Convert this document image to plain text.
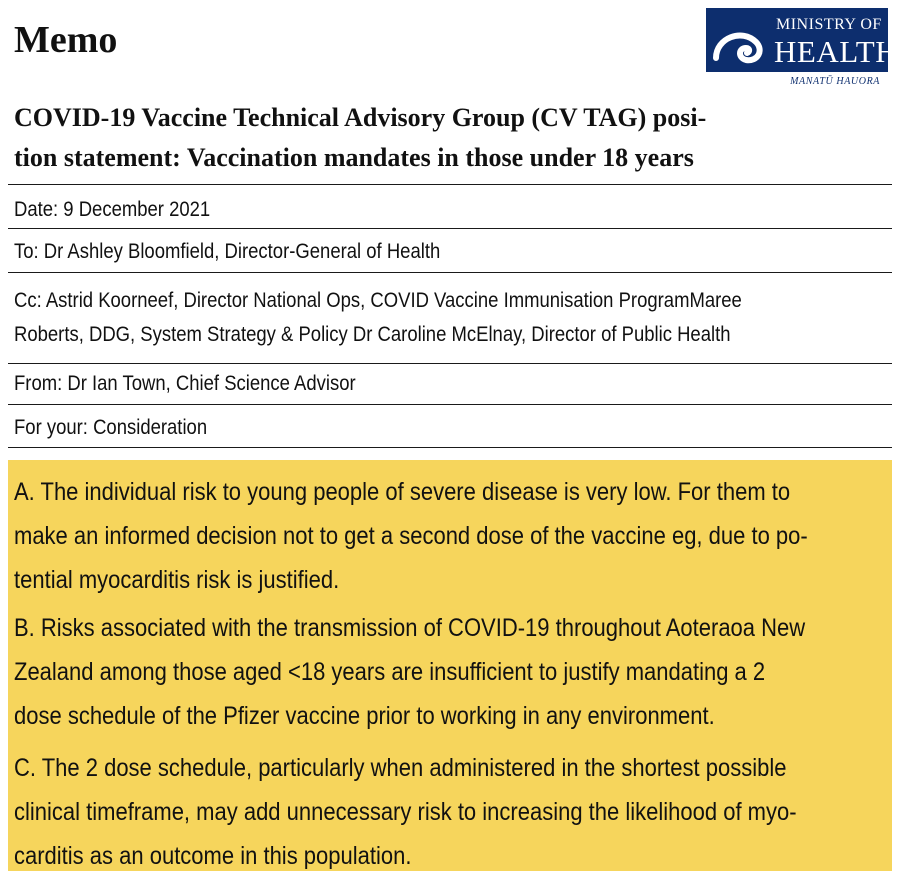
Memo	MINISTRY OF
HEALTH
MANATŪ HAUORA
COVID-19 Vaccine Technical Advisory Group (CV TAG) posi-
tion statement: Vaccination mandates in those under 18 years
Date: 9 December 2021
To: Dr Ashley Bloomfield, Director-General of Health
Cc: Astrid Koorneef, Director National Ops, COVID Vaccine Immunisation ProgramMaree
Roberts, DDG, System Strategy & Policy Dr Caroline McElnay, Director of Public Health
From: Dr Ian Town, Chief Science Advisor
For your: Consideration
A. The individual risk to young people of severe disease is very low. For them to
make an informed decision not to get a second dose of the vaccine eg, due to po-
tential myocarditis risk is justified.
B. Risks associated with the transmission of COVID-19 throughout Aoteraoa New
Zealand among those aged <18 years are insufficient to justify mandating a 2
dose schedule of the Pfizer vaccine prior to working in any environment.
C. The 2 dose schedule, particularly when administered in the shortest possible
clinical timeframe, may add unnecessary risk to increasing the likelihood of myo-
carditis as an outcome in this population.
